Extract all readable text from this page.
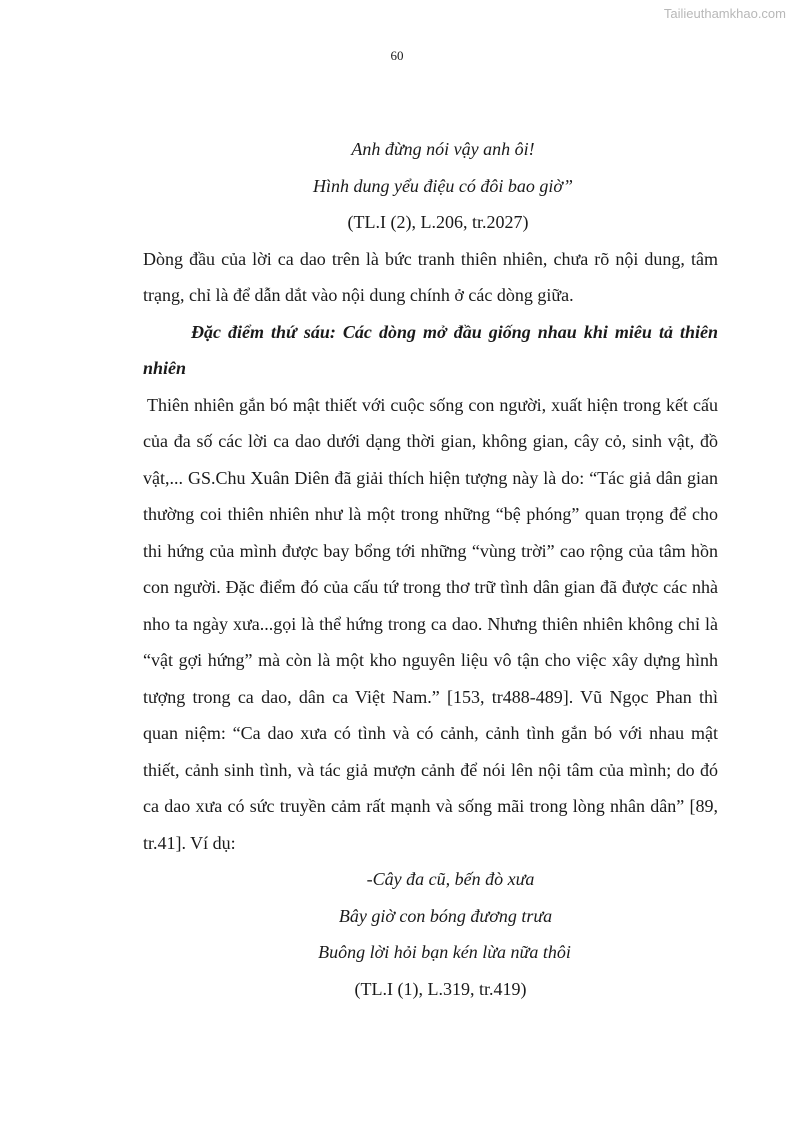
Tailieuthamkhao.com
60

Anh đừng nói vậy anh ôi!

Hình dung yểu điệu có đôi bao giờ”

(TL.I (2), L.206, tr.2027)

Dòng đầu của lời ca dao trên là bức tranh thiên nhiên, chưa rõ nội dung, tâm trạng, chỉ là để dẫn dắt vào nội dung chính ở các dòng giữa.

Đặc điểm thứ sáu: Các dòng mở đầu giống nhau khi miêu tả thiên nhiên

Thiên nhiên gắn bó mật thiết với cuộc sống con người, xuất hiện trong kết cấu của đa số các lời ca dao dưới dạng thời gian, không gian, cây cỏ, sinh vật, đồ vật,... GS.Chu Xuân Diên đã giải thích hiện tượng này là do: “Tác giả dân gian thường coi thiên nhiên như là một trong những “bệ phóng” quan trọng để cho thi hứng của mình được bay bổng tới những “vùng trời” cao rộng của tâm hồn con người. Đặc điểm đó của cấu tứ trong thơ trữ tình dân gian đã được các nhà nho ta ngày xưa...gọi là thể hứng trong ca dao. Nhưng thiên nhiên không chỉ là “vật gợi hứng” mà còn là một kho nguyên liệu vô tận cho việc xây dựng hình tượng trong ca dao, dân ca Việt Nam.” [153, tr488-489]. Vũ Ngọc Phan thì quan niệm: “Ca dao xưa có tình và có cảnh, cảnh tình gắn bó với nhau mật thiết, cảnh sinh tình, và tác giả mượn cảnh để nói lên nội tâm của mình; do đó ca dao xưa có sức truyền cảm rất mạnh và sống mãi trong lòng nhân dân” [89, tr.41]. Ví dụ:

-Cây đa cũ, bến đò xưa

Bây giờ con bóng đương trưa

Buông lời hỏi bạn kén lừa nữa thôi

(TL.I (1), L.319, tr.419)
